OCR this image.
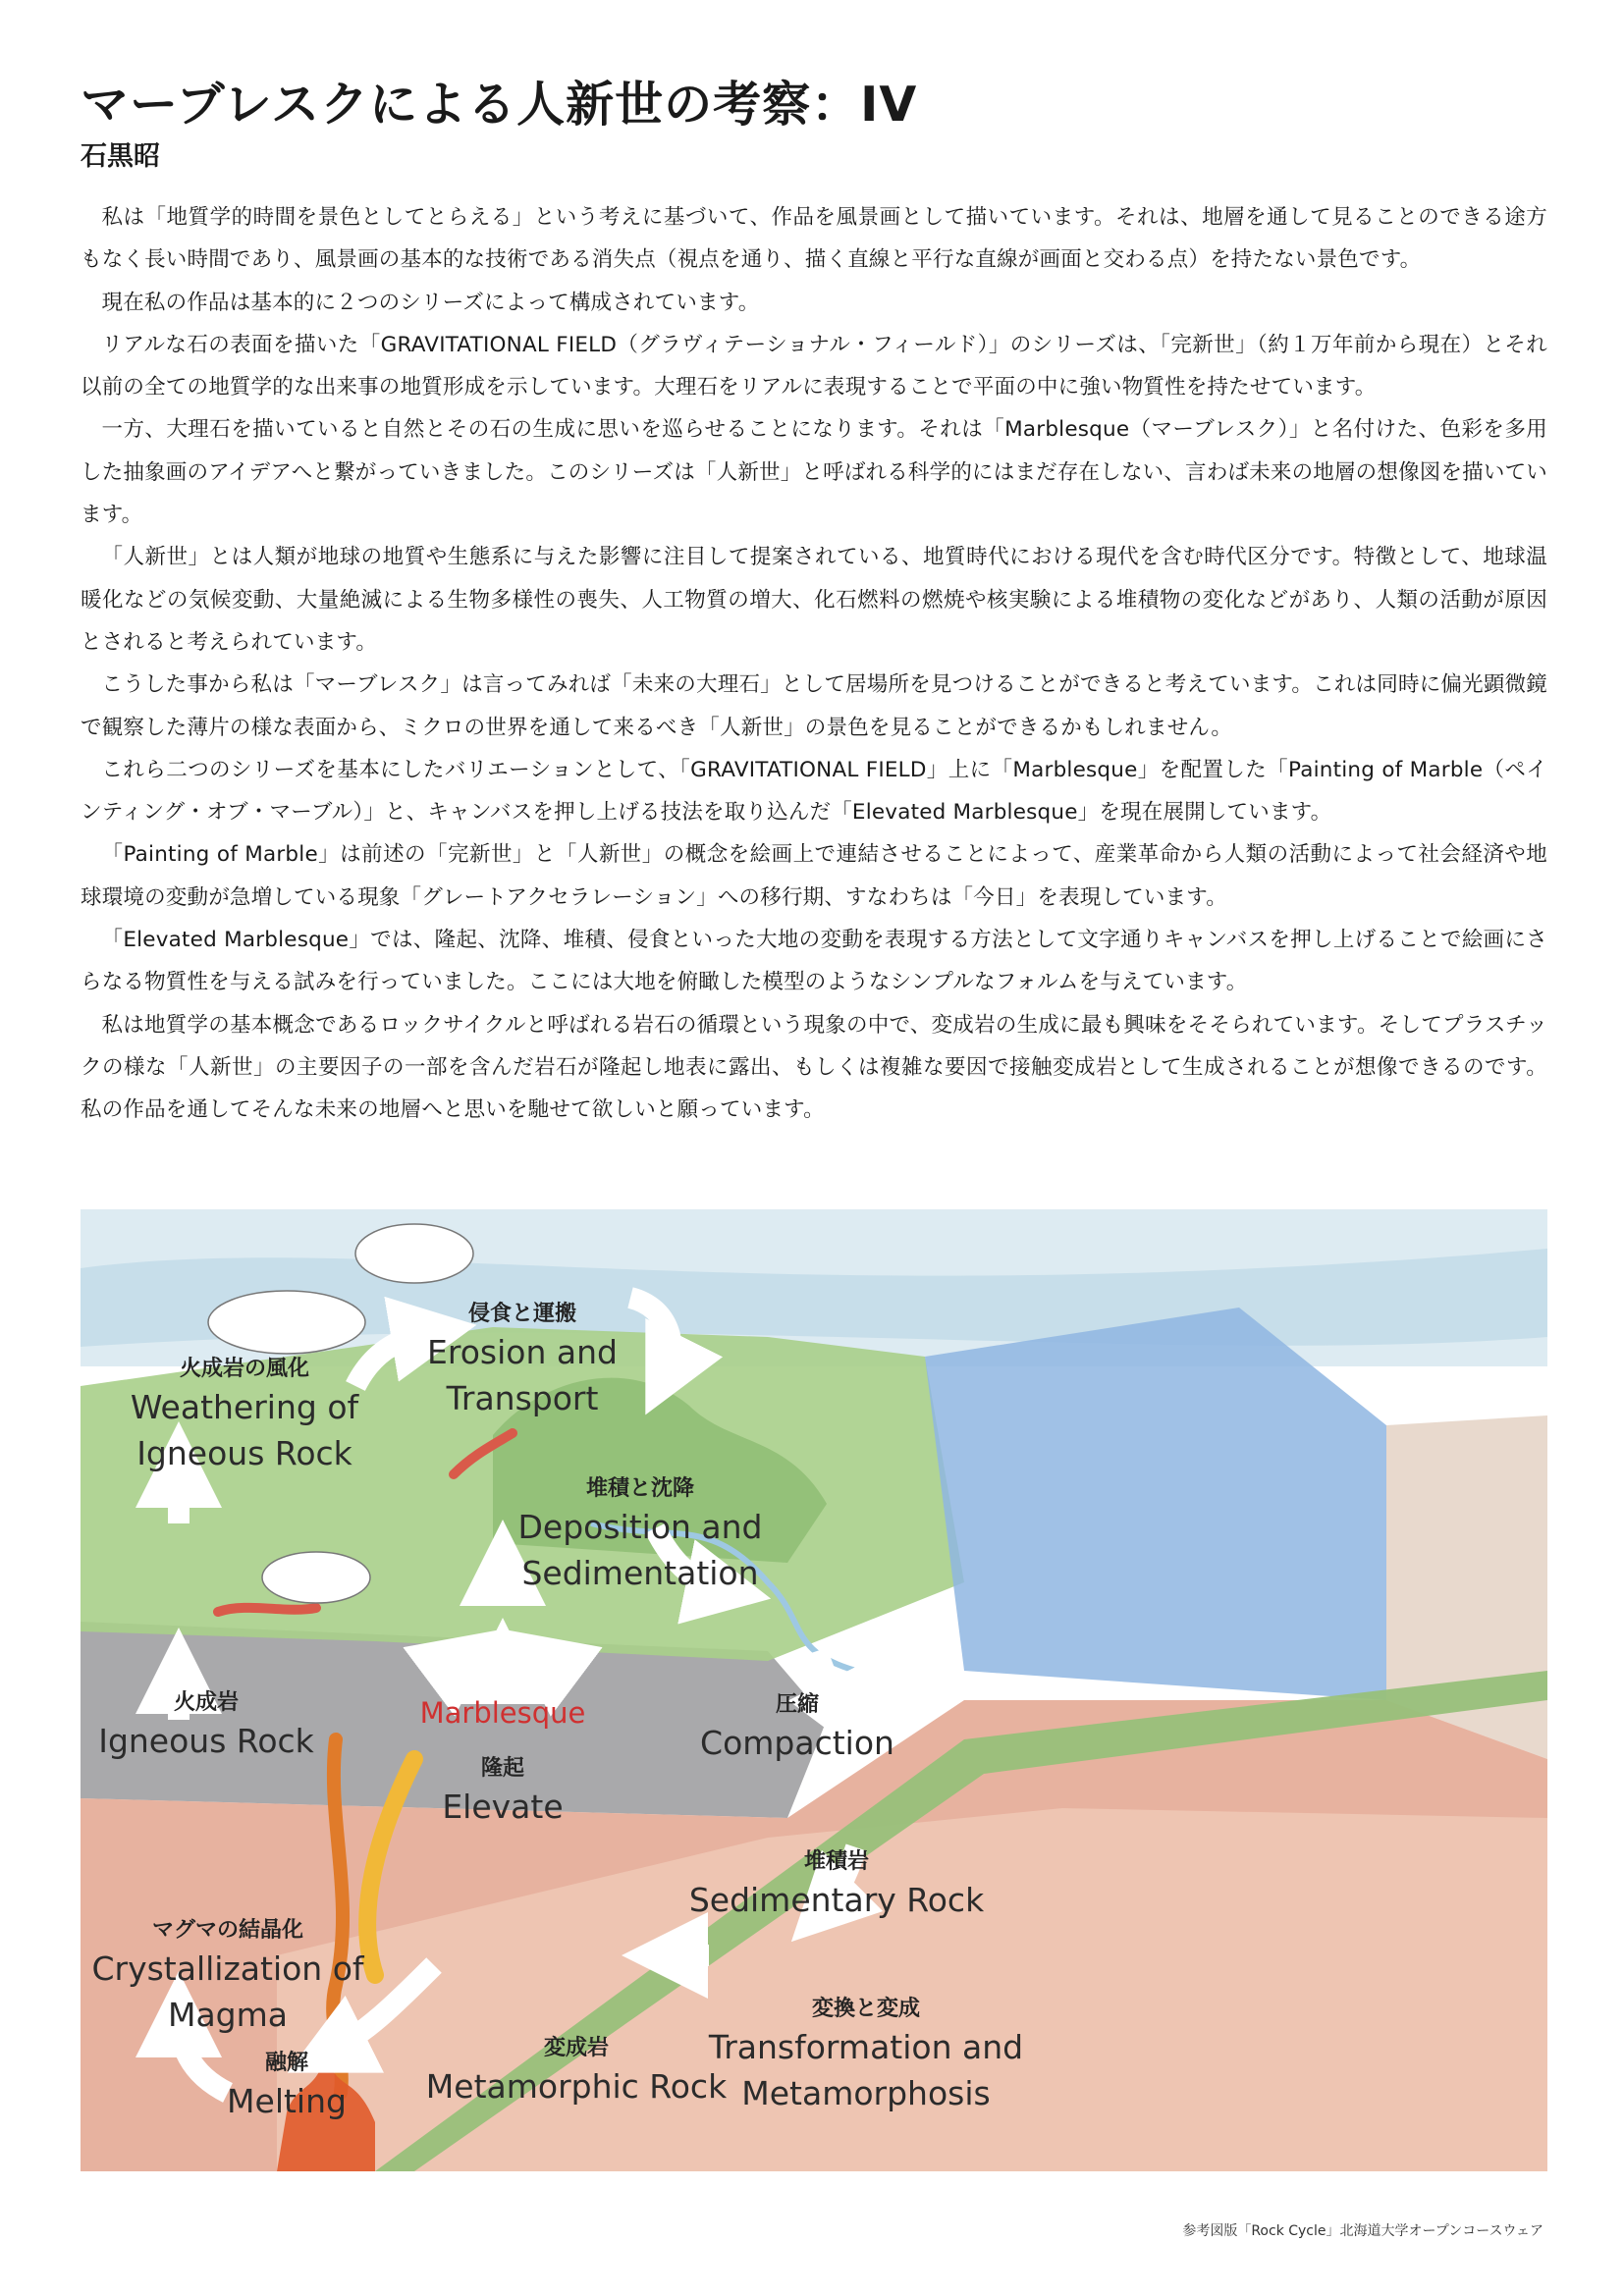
マーブレスクによる人新世の考察：IV
石黒昭

私は「地質学的時間を景色としてとらえる」という考えに基づいて、作品を風景画として描いています。それは、地層を通して見ることのできる途方もなく長い時間であり、風景画の基本的な技術である消失点（視点を通り、描く直線と平行な直線が画面と交わる点）を持たない景色です。

現在私の作品は基本的に２つのシリーズによって構成されています。

リアルな石の表面を描いた「GRAVITATIONAL FIELD（グラヴィテーショナル・フィールド）」のシリーズは、「完新世」（約１万年前から現在）とそれ以前の全ての地質学的な出来事の地質形成を示しています。大理石をリアルに表現することで平面の中に強い物質性を持たせています。

一方、大理石を描いていると自然とその石の生成に思いを巡らせることになります。それは「Marblesque（マーブレスク）」と名付けた、色彩を多用した抽象画のアイデアへと繋がっていきました。このシリーズは「人新世」と呼ばれる科学的にはまだ存在しない、言わば未来の地層の想像図を描いています。

「人新世」とは人類が地球の地質や生態系に与えた影響に注目して提案されている、地質時代における現代を含む時代区分です。特徴として、地球温暖化などの気候変動、大量絶滅による生物多様性の喪失、人工物質の増大、化石燃料の燃焼や核実験による堆積物の変化などがあり、人類の活動が原因とされると考えられています。

こうした事から私は「マーブレスク」は言ってみれば「未来の大理石」として居場所を見つけることができると考えています。これは同時に偏光顕微鏡で観察した薄片の様な表面から、ミクロの世界を通して来るべき「人新世」の景色を見ることができるかもしれません。

これら二つのシリーズを基本にしたバリエーションとして、「GRAVITATIONAL FIELD」上に「Marblesque」を配置した「Painting of Marble（ペインティング・オブ・マーブル）」と、キャンバスを押し上げる技法を取り込んだ「Elevated Marblesque」を現在展開しています。

「Painting of Marble」は前述の「完新世」と「人新世」の概念を絵画上で連結させることによって、産業革命から人類の活動によって社会経済や地球環境の変動が急増している現象「グレートアクセラレーション」への移行期、すなわちは「今日」を表現しています。

「Elevated Marblesque」では、隆起、沈降、堆積、侵食といった大地の変動を表現する方法として文字通りキャンバスを押し上げることで絵画にさらなる物質性を与える試みを行っていました。ここには大地を俯瞰した模型のようなシンプルなフォルムを与えています。

私は地質学の基本概念であるロックサイクルと呼ばれる岩石の循環という現象の中で、変成岩の生成に最も興味をそそられています。そしてプラスチックの様な「人新世」の主要因子の一部を含んだ岩石が隆起し地表に露出、もしくは複雑な要因で接触変成岩として生成されることが想像できるのです。私の作品を通してそんな未来の地層へと思いを馳せて欲しいと願っています。

火成岩の風化
Weathering of
Igneous Rock
侵食と運搬
Erosion and
Transport
堆積と沈降
Deposition and
Sedimentation
圧縮
Compaction
堆積岩
Sedimentary Rock
変換と変成
Transformation and
Metamorphosis
変成岩
Metamorphic Rock
融解
Melting
マグマの結晶化
Crystallization of
Magma
火成岩
Igneous Rock
隆起
Elevate
Marblesque
参考図版「Rock Cycle」北海道大学オープンコースウェア
